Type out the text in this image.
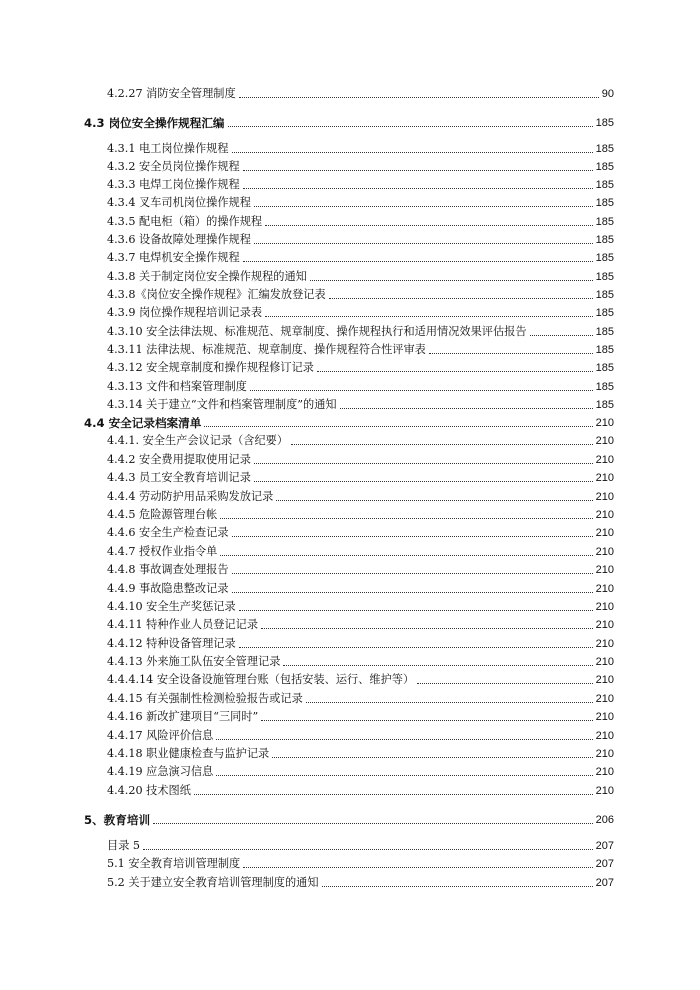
4.2.27 消防安全管理制度	90
4.3 岗位安全操作规程汇编	185
4.3.1 电工岗位操作规程	185
4.3.2 安全员岗位操作规程	185
4.3.3 电焊工岗位操作规程	185
4.3.4 叉车司机岗位操作规程	185
4.3.5 配电柜（箱）的操作规程	185
4.3.6 设备故障处理操作规程	185
4.3.7 电焊机安全操作规程	185
4.3.8 关于制定岗位安全操作规程的通知	185
4.3.8《岗位安全操作规程》汇编发放登记表	185
4.3.9 岗位操作规程培训记录表	185
4.3.10 安全法律法规、标准规范、规章制度、操作规程执行和适用情况效果评估报告	185
4.3.11 法律法规、标准规范、规章制度、操作规程符合性评审表	185
4.3.12 安全规章制度和操作规程修订记录	185
4.3.13 文件和档案管理制度	185
4.3.14 关于建立“文件和档案管理制度”的通知	185
4.4 安全记录档案清单	210
4.4.1. 安全生产会议记录（含纪要）	210
4.4.2 安全费用提取使用记录	210
4.4.3 员工安全教育培训记录	210
4.4.4 劳动防护用品采购发放记录	210
4.4.5 危险源管理台帐	210
4.4.6 安全生产检查记录	210
4.4.7 授权作业指令单	210
4.4.8 事故调查处理报告	210
4.4.9 事故隐患整改记录	210
4.4.10 安全生产奖惩记录	210
4.4.11 特种作业人员登记记录	210
4.4.12 特种设备管理记录	210
4.4.13 外来施工队伍安全管理记录	210
4.4.4.14 安全设备设施管理台账（包括安装、运行、维护等）	210
4.4.15 有关强制性检测检验报告或记录	210
4.4.16 新改扩建项目“三同时”	210
4.4.17 风险评价信息	210
4.4.18 职业健康检查与监护记录	210
4.4.19 应急演习信息	210
4.4.20 技术图纸	210
5、教育培训	206
目录 5	207
5.1 安全教育培训管理制度	207
5.2 关于建立安全教育培训管理制度的通知	207
